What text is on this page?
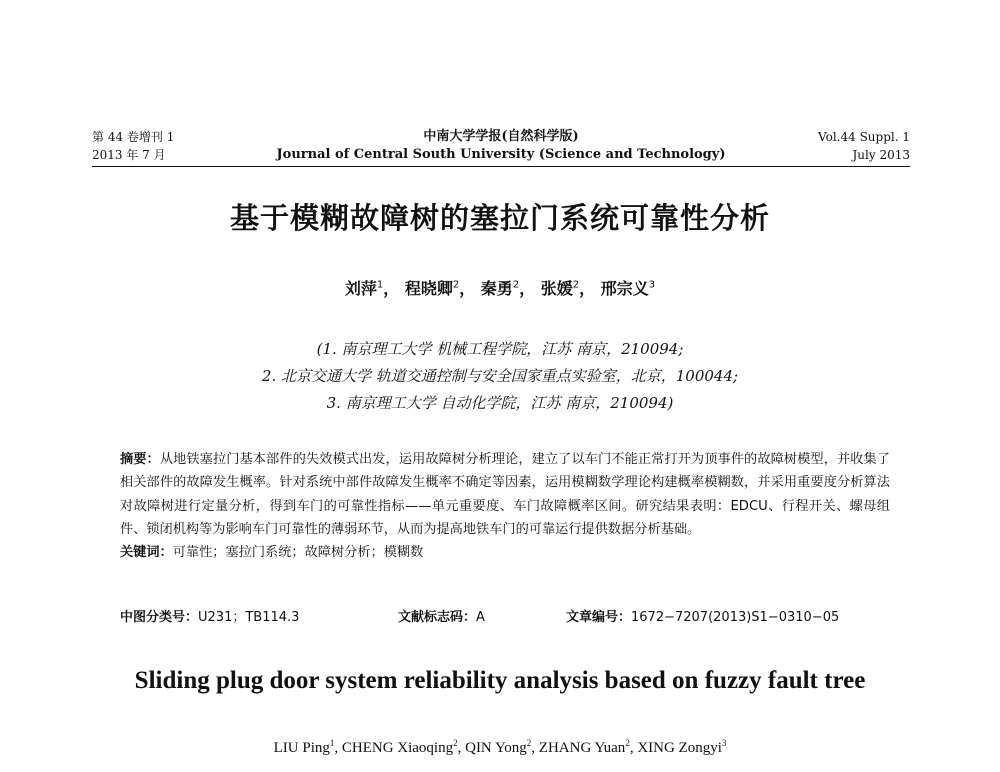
第 44 卷增刊 1
2013 年 7 月
中南大学学报(自然科学版)
Journal of Central South University (Science and Technology)
Vol.44 Suppl. 1
July 2013
基于模糊故障树的塞拉门系统可靠性分析
刘萍$^1$， 程晓卿$^2$， 秦勇$^2$， 张媛$^2$， 邢宗义$^3$
(1. 南京理工大学 机械工程学院，江苏 南京，210094;
2. 北京交通大学 轨道交通控制与安全国家重点实验室，北京，100044;
3. 南京理工大学 自动化学院，江苏 南京，210094)
摘要：从地铁塞拉门基本部件的失效模式出发，运用故障树分析理论，建立了以车门不能正常打开为顶事件的故障树模型，并收集了相关部件的故障发生概率。针对系统中部件故障发生概率不确定等因素，运用模糊数学理论构建概率模糊数，并采用重要度分析算法对故障树进行定量分析，得到车门的可靠性指标——单元重要度、车门故障概率区间。研究结果表明：EDCU、行程开关、螺母组件、锁闭机构等为影响车门可靠性的薄弱环节，从而为提高地铁车门的可靠运行提供数据分析基础。
关键词：可靠性；塞拉门系统；故障树分析；模糊数
中图分类号：U231；TB114.3	文献标志码：A	文章编号：1672−7207(2013)S1−0310−05
Sliding plug door system reliability analysis based on fuzzy fault tree
LIU Ping$^1$, CHENG Xiaoqing$^2$, QIN Yong$^2$, ZHANG Yuan$^2$, XING Zongyi$^3$
